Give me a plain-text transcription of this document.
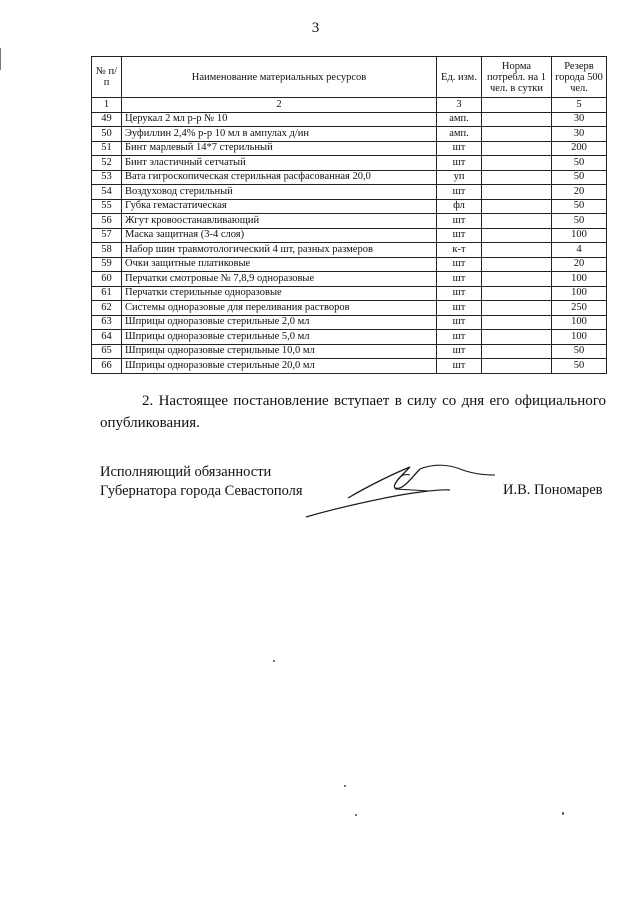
3
№ п/п	Наименование материальных ресурсов	Ед. изм.	Норма потребл. на 1 чел. в сутки	Резерв города 500 чел.
1	2	3		5
49	Церукал 2 мл р-р № 10	амп.		30
50	Эуфиллин 2,4% р-р 10 мл в ампулах д/ин	амп.		30
51	Бинт марлевый 14*7 стерильный	шт		200
52	Бинт эластичный сетчатый	шт		50
53	Вата гигроскопическая стерильная расфасованная 20,0	уп		50
54	Воздуховод стерильный	шт		20
55	Губка гемастатическая	фл		50
56	Жгут кровоостанавливающий	шт		50
57	Маска защитная (3-4 слоя)	шт		100
58	Набор шин травмотологический 4 шт, разных размеров	к-т		4
59	Очки защитные платиковые	шт		20
60	Перчатки смотровые № 7,8,9 одноразовые	шт		100
61	Перчатки стерильные одноразовые	шт		100
62	Системы одноразовые для переливания растворов	шт		250
63	Шприцы одноразовые стерильные 2,0 мл	шт		100
64	Шприцы одноразовые стерильные 5,0 мл	шт		100
65	Шприцы одноразовые стерильные 10,0 мл	шт		50
66	Шприцы одноразовые стерильные 20,0 мл	шт		50
2. Настоящее постановление вступает в силу со дня его официального опубликования.
Исполняющий обязанности
Губернатора города Севастополя	И.В. Пономарев
